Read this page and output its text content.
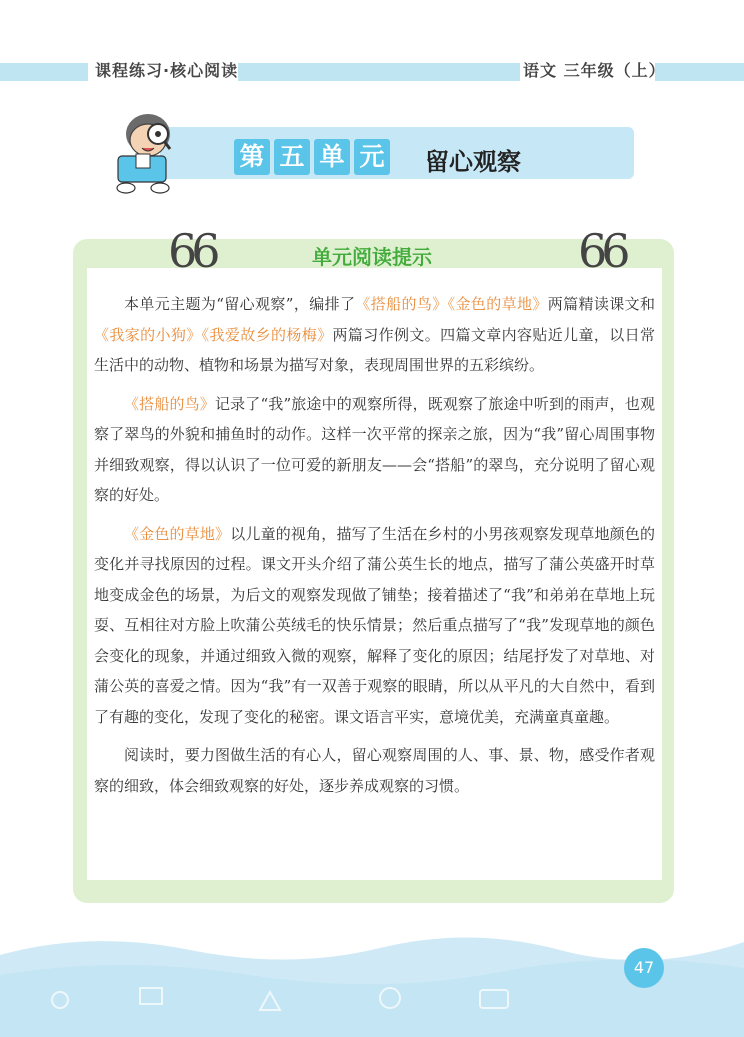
课程练习·核心阅读	语文 三年级（上）
第 五 单 元 留心观察
66	66
单元阅读提示

本单元主题为“留心观察”，编排了《搭船的鸟》《金色的草地》两篇精读课文和《我家的小狗》《我爱故乡的杨梅》两篇习作例文。四篇文章内容贴近儿童，以日常生活中的动物、植物和场景为描写对象，表现周围世界的五彩缤纷。

《搭船的鸟》记录了“我”旅途中的观察所得，既观察了旅途中听到的雨声，也观察了翠鸟的外貌和捕鱼时的动作。这样一次平常的探亲之旅，因为“我”留心周围事物并细致观察，得以认识了一位可爱的新朋友——会“搭船”的翠鸟，充分说明了留心观察的好处。

《金色的草地》以儿童的视角，描写了生活在乡村的小男孩观察发现草地颜色的变化并寻找原因的过程。课文开头介绍了蒲公英生长的地点，描写了蒲公英盛开时草地变成金色的场景，为后文的观察发现做了铺垫；接着描述了“我”和弟弟在草地上玩耍、互相往对方脸上吹蒲公英绒毛的快乐情景；然后重点描写了“我”发现草地的颜色会变化的现象，并通过细致入微的观察，解释了变化的原因；结尾抒发了对草地、对蒲公英的喜爱之情。因为“我”有一双善于观察的眼睛，所以从平凡的大自然中，看到了有趣的变化，发现了变化的秘密。课文语言平实，意境优美，充满童真童趣。

阅读时，要力图做生活的有心人，留心观察周围的人、事、景、物，感受作者观察的细致，体会细致观察的好处，逐步养成观察的习惯。

47
